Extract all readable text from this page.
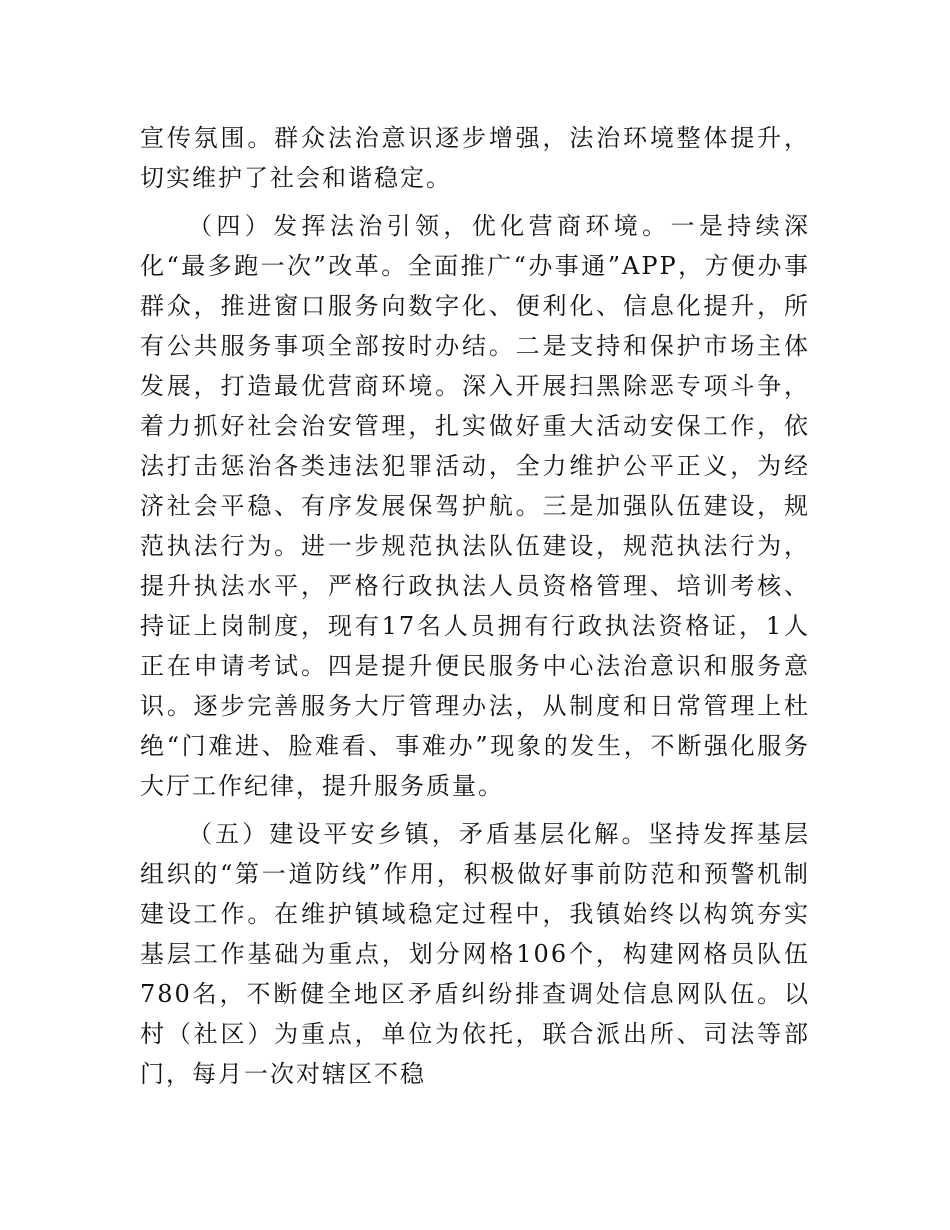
宣传氛围。群众法治意识逐步增强，法治环境整体提升，切实维护了社会和谐稳定。

（四）发挥法治引领，优化营商环境。一是持续深化“最多跑一次”改革。全面推广“办事通”APP，方便办事群众，推进窗口服务向数字化、便利化、信息化提升，所有公共服务事项全部按时办结。二是支持和保护市场主体发展，打造最优营商环境。深入开展扫黑除恶专项斗争，着力抓好社会治安管理，扎实做好重大活动安保工作，依法打击惩治各类违法犯罪活动，全力维护公平正义，为经济社会平稳、有序发展保驾护航。三是加强队伍建设，规范执法行为。进一步规范执法队伍建设，规范执法行为，提升执法水平，严格行政执法人员资格管理、培训考核、持证上岗制度，现有17名人员拥有行政执法资格证，1人正在申请考试。四是提升便民服务中心法治意识和服务意识。逐步完善服务大厅管理办法，从制度和日常管理上杜绝“门难进、脸难看、事难办”现象的发生，不断强化服务大厅工作纪律，提升服务质量。

（五）建设平安乡镇，矛盾基层化解。坚持发挥基层组织的“第一道防线”作用，积极做好事前防范和预警机制建设工作。在维护镇域稳定过程中，我镇始终以构筑夯实基层工作基础为重点，划分网格106个，构建网格员队伍780名，不断健全地区矛盾纠纷排查调处信息网队伍。以村（社区）为重点，单位为依托，联合派出所、司法等部门，每月一次对辖区不稳
